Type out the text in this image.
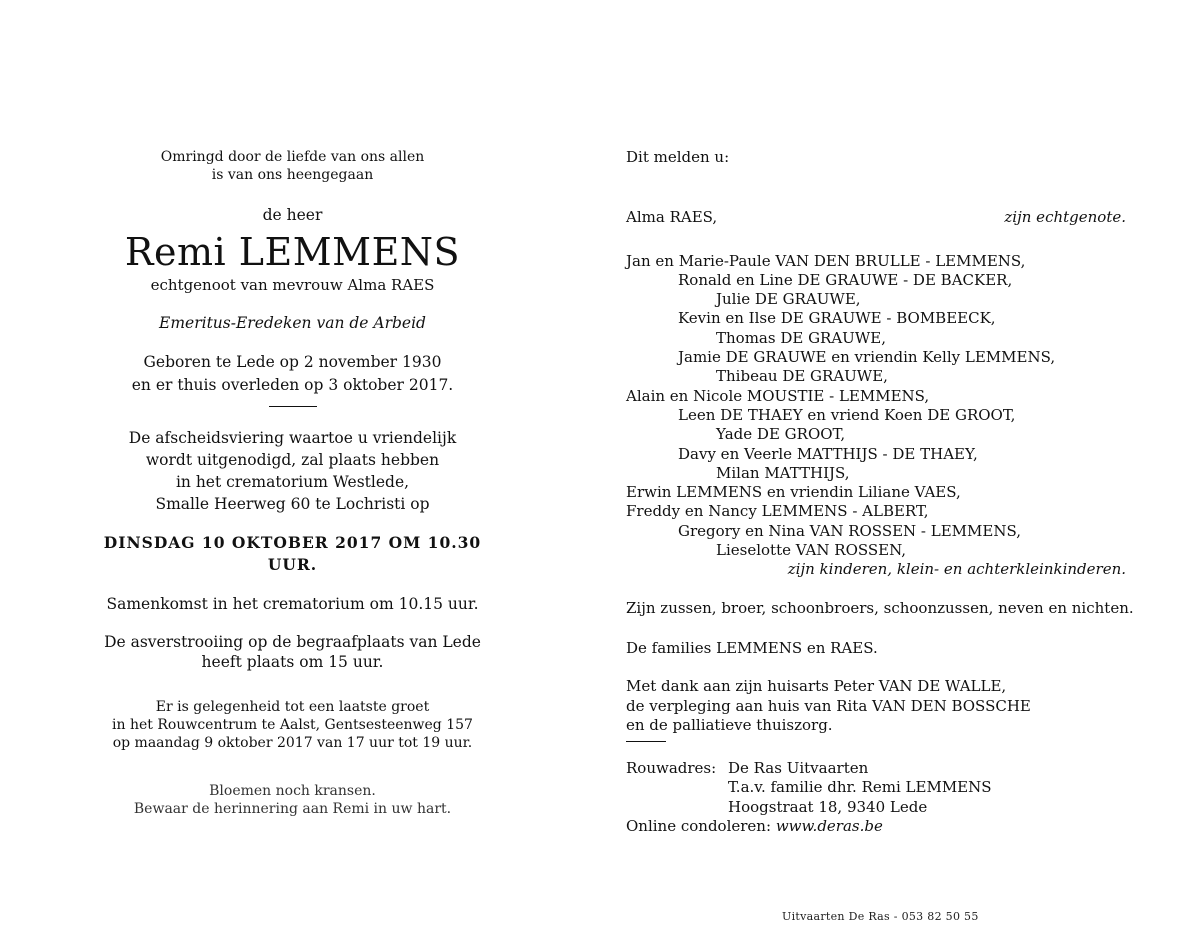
Omringd door de liefde van ons allen
is van ons heengegaan
de heer
Remi LEMMENS
echtgenoot van mevrouw Alma RAES
Emeritus-Eredeken van de Arbeid
Geboren te Lede op 2 november 1930
en er thuis overleden op 3 oktober 2017.
De afscheidsviering waartoe u vriendelijk
wordt uitgenodigd, zal plaats hebben
in het crematorium Westlede,
Smalle Heerweg 60 te Lochristi op
DINSDAG 10 OKTOBER 2017 OM 10.30 UUR.
Samenkomst in het crematorium om 10.15 uur.
De asverstrooiing op de begraafplaats van Lede
heeft plaats om 15 uur.
Er is gelegenheid tot een laatste groet
in het Rouwcentrum te Aalst, Gentsesteenweg 157
op maandag 9 oktober 2017 van 17 uur tot 19 uur.
Bloemen noch kransen.
Bewaar de herinnering aan Remi in uw hart.
Dit melden u:
Alma RAES,	zijn echtgenote.
Jan en Marie-Paule VAN DEN BRULLE - LEMMENS,
Ronald en Line DE GRAUWE - DE BACKER,
Julie DE GRAUWE,
Kevin en Ilse DE GRAUWE - BOMBEECK,
Thomas DE GRAUWE,
Jamie DE GRAUWE en vriendin Kelly LEMMENS,
Thibeau DE GRAUWE,
Alain en Nicole MOUSTIE - LEMMENS,
Leen DE THAEY en vriend Koen DE GROOT,
Yade DE GROOT,
Davy en Veerle MATTHIJS - DE THAEY,
Milan MATTHIJS,
Erwin LEMMENS en vriendin Liliane VAES,
Freddy en Nancy LEMMENS - ALBERT,
Gregory en Nina VAN ROSSEN - LEMMENS,
Lieselotte VAN ROSSEN,
zijn kinderen, klein- en achterkleinkinderen.
Zijn zussen, broer, schoonbroers, schoonzussen, neven en nichten.
De families LEMMENS en RAES.
Met dank aan zijn huisarts Peter VAN DE WALLE,
de verpleging aan huis van Rita VAN DEN BOSSCHE
en de palliatieve thuiszorg.
Rouwadres: De Ras Uitvaarten
T.a.v. familie dhr. Remi LEMMENS
Hoogstraat 18, 9340 Lede
Online condoleren: www.deras.be
Uitvaarten De Ras - 053 82 50 55
